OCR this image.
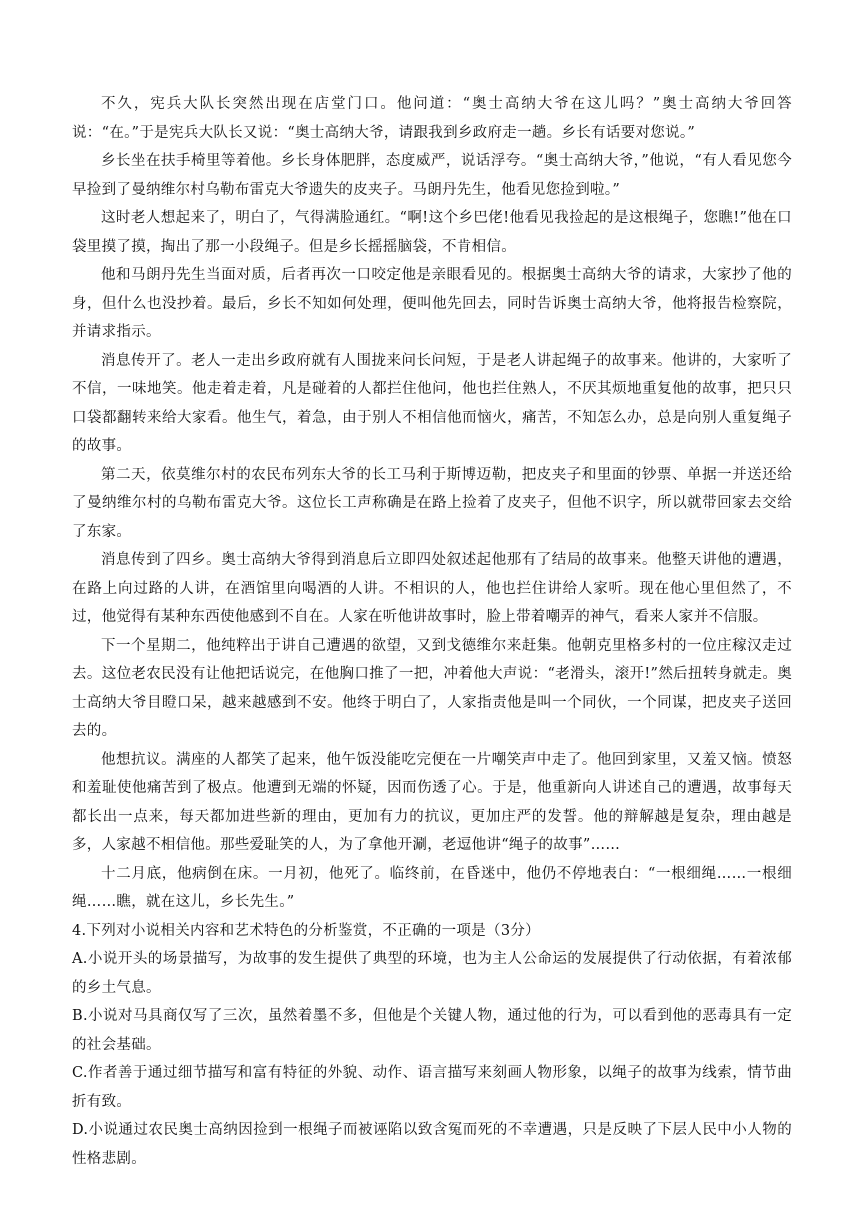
不久，宪兵大队长突然出现在店堂门口。他问道：“奥士高纳大爷在这儿吗？”奥士高纳大爷回答说：“在。”于是宪兵大队长又说：“奥士高纳大爷，请跟我到乡政府走一趟。乡长有话要对您说。”

乡长坐在扶手椅里等着他。乡长身体肥胖，态度威严，说话浮夸。“奥士高纳大爷，”他说，“有人看见您今早捡到了曼纳维尔村乌勒布雷克大爷遗失的皮夹子。马朗丹先生，他看见您捡到啦。”

这时老人想起来了，明白了，气得满脸通红。“啊!这个乡巴佬!他看见我捡起的是这根绳子，您瞧!”他在口袋里摸了摸，掏出了那一小段绳子。但是乡长摇摇脑袋，不肯相信。

他和马朗丹先生当面对质，后者再次一口咬定他是亲眼看见的。根据奥士高纳大爷的请求，大家抄了他的身，但什么也没抄着。最后，乡长不知如何处理，便叫他先回去，同时告诉奥士高纳大爷，他将报告检察院，并请求指示。

消息传开了。老人一走出乡政府就有人围拢来问长问短，于是老人讲起绳子的故事来。他讲的，大家听了不信，一味地笑。他走着走着，凡是碰着的人都拦住他问，他也拦住熟人，不厌其烦地重复他的故事，把只只口袋都翻转来给大家看。他生气，着急，由于别人不相信他而恼火，痛苦，不知怎么办，总是向别人重复绳子的故事。

第二天，依莫维尔村的农民布列东大爷的长工马利于斯博迈勒，把皮夹子和里面的钞票、单据一并送还给了曼纳维尔村的乌勒布雷克大爷。这位长工声称确是在路上捡着了皮夹子，但他不识字，所以就带回家去交给了东家。

消息传到了四乡。奥士高纳大爷得到消息后立即四处叙述起他那有了结局的故事来。他整天讲他的遭遇，在路上向过路的人讲，在酒馆里向喝酒的人讲。不相识的人，他也拦住讲给人家听。现在他心里但然了，不过，他觉得有某种东西使他感到不自在。人家在听他讲故事时，脸上带着嘲弄的神气，看来人家并不信服。

下一个星期二，他纯粹出于讲自己遭遇的欲望，又到戈德维尔来赶集。他朝克里格多村的一位庄稼汉走过去。这位老农民没有让他把话说完，在他胸口推了一把，冲着他大声说：“老滑头，滚开!”然后扭转身就走。奥士高纳大爷目瞪口呆，越来越感到不安。他终于明白了，人家指责他是叫一个同伙，一个同谋，把皮夹子送回去的。

他想抗议。满座的人都笑了起来，他午饭没能吃完便在一片嘲笑声中走了。他回到家里，又羞又恼。愤怒和羞耻使他痛苦到了极点。他遭到无端的怀疑，因而伤透了心。于是，他重新向人讲述自己的遭遇，故事每天都长出一点来，每天都加进些新的理由，更加有力的抗议，更加庄严的发誓。他的辩解越是复杂，理由越是多，人家越不相信他。那些爱耻笑的人，为了拿他开涮，老逗他讲“绳子的故事”……

十二月底，他病倒在床。一月初，他死了。临终前，在昏迷中，他仍不停地表白：“一根细绳……一根细绳……瞧，就在这儿，乡长先生。”

4.下列对小说相关内容和艺术特色的分析鉴赏，不正确的一项是（3分）

A.小说开头的场景描写，为故事的发生提供了典型的环境，也为主人公命运的发展提供了行动依据，有着浓郁的乡土气息。

B.小说对马具商仅写了三次，虽然着墨不多，但他是个关键人物，通过他的行为，可以看到他的恶毒具有一定的社会基础。

C.作者善于通过细节描写和富有特征的外貌、动作、语言描写来刻画人物形象，以绳子的故事为线索，情节曲折有致。

D.小说通过农民奥士高纳因捡到一根绳子而被诬陷以致含冤而死的不幸遭遇，只是反映了下层人民中小人物的性格悲剧。
